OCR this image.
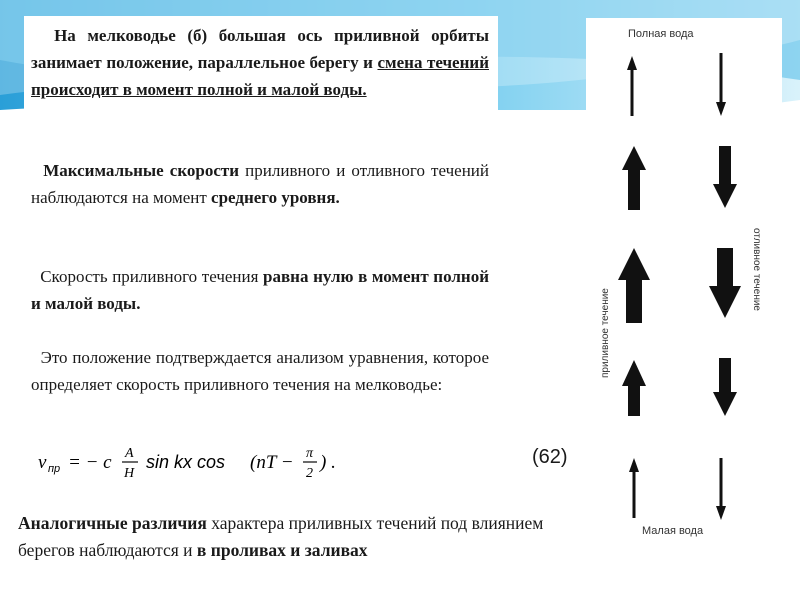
На мелководье (б) большая ось приливной орбиты занимает положение, параллельное берегу и смена течений происходит в момент полной и малой воды.

Максимальные скорости приливного и отливного течений наблюдаются на момент среднего уровня.

Скорость приливного течения равна нулю в момент полной и малой воды.

Это положение подтверждается анализом уравнения, которое определяет скорость приливного течения на мелководье:

v пр = − c A
H
sin kx cos (nT − π
2
) .	(62)

Аналогичные различия характера приливных течений под влиянием берегов наблюдаются и в проливах и заливах

Полная вода
Малая вода
приливное течение
отливное течение
